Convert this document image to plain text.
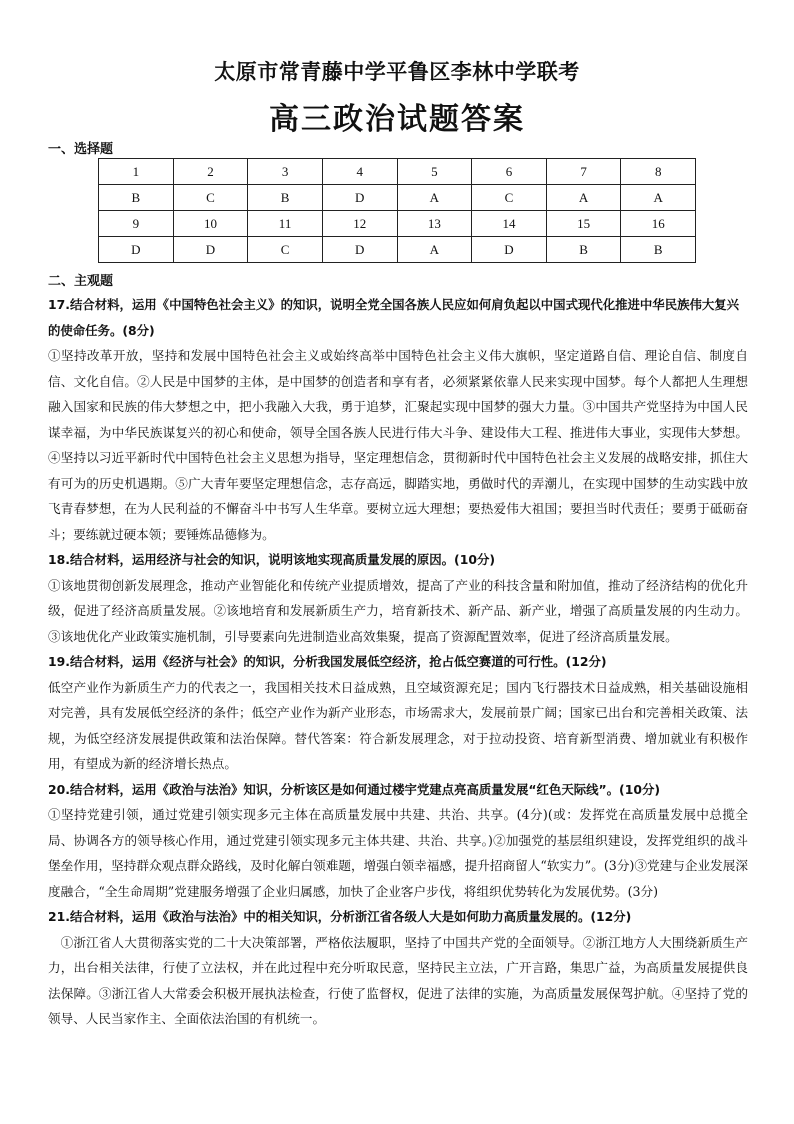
太原市常青藤中学平鲁区李林中学联考
高三政治试题答案
一、选择题
1	2	3	4	5	6	7	8
B	C	B	D	A	C	A	A
9	10	11	12	13	14	15	16
D	D	C	D	A	D	B	B
二、主观题
17.结合材料，运用《中国特色社会主义》的知识，说明全党全国各族人民应如何肩负起以中国式现代化推进中华民族伟大复兴的使命任务。(8分)
①坚持改革开放，坚持和发展中国特色社会主义或始终高举中国特色社会主义伟大旗帜，坚定道路自信、理论自信、制度自信、文化自信。②人民是中国梦的主体，是中国梦的创造者和享有者，必须紧紧依靠人民来实现中国梦。每个人都把人生理想融入国家和民族的伟大梦想之中，把小我融入大我，勇于追梦，汇聚起实现中国梦的强大力量。③中国共产党坚持为中国人民谋幸福，为中华民族谋复兴的初心和使命，领导全国各族人民进行伟大斗争、建设伟大工程、推进伟大事业，实现伟大梦想。④坚持以习近平新时代中国特色社会主义思想为指导，坚定理想信念，贯彻新时代中国特色社会主义发展的战略安排，抓住大有可为的历史机遇期。⑤广大青年要坚定理想信念，志存高远，脚踏实地，勇做时代的弄潮儿，在实现中国梦的生动实践中放飞青春梦想，在为人民利益的不懈奋斗中书写人生华章。要树立远大理想；要热爱伟大祖国；要担当时代责任；要勇于砥砺奋斗；要练就过硬本领；要锤炼品德修为。
18.结合材料，运用经济与社会的知识，说明该地实现高质量发展的原因。(10分)
①该地贯彻创新发展理念，推动产业智能化和传统产业提质增效，提高了产业的科技含量和附加值，推动了经济结构的优化升级，促进了经济高质量发展。②该地培育和发展新质生产力，培育新技术、新产品、新产业，增强了高质量发展的内生动力。③该地优化产业政策实施机制，引导要素向先进制造业高效集聚，提高了资源配置效率，促进了经济高质量发展。
19.结合材料，运用《经济与社会》的知识，分析我国发展低空经济，抢占低空赛道的可行性。(12分)
低空产业作为新质生产力的代表之一，我国相关技术日益成熟，且空域资源充足；国内飞行器技术日益成熟，相关基础设施相对完善，具有发展低空经济的条件；低空产业作为新产业形态，市场需求大，发展前景广阔；国家已出台和完善相关政策、法规，为低空经济发展提供政策和法治保障。替代答案：符合新发展理念，对于拉动投资、培育新型消费、增加就业有积极作用，有望成为新的经济增长热点。
20.结合材料，运用《政治与法治》知识，分析该区是如何通过楼宇党建点亮高质量发展“红色天际线”。(10分)
①坚持党建引领，通过党建引领实现多元主体在高质量发展中共建、共治、共享。(4分)(或：发挥党在高质量发展中总揽全局、协调各方的领导核心作用，通过党建引领实现多元主体共建、共治、共享。)②加强党的基层组织建设，发挥党组织的战斗堡垒作用，坚持群众观点群众路线，及时化解白领难题，增强白领幸福感，提升招商留人“软实力”。(3分)③党建与企业发展深度融合，“全生命周期”党建服务增强了企业归属感，加快了企业客户步伐，将组织优势转化为发展优势。(3分)
21.结合材料，运用《政治与法治》中的相关知识，分析浙江省各级人大是如何助力高质量发展的。(12分)
①浙江省人大贯彻落实党的二十大决策部署，严格依法履职，坚持了中国共产党的全面领导。②浙江地方人大围绕新质生产力，出台相关法律，行使了立法权，并在此过程中充分听取民意，坚持民主立法，广开言路，集思广益，为高质量发展提供良法保障。③浙江省人大常委会积极开展执法检查，行使了监督权，促进了法律的实施，为高质量发展保驾护航。④坚持了党的领导、人民当家作主、全面依法治国的有机统一。
